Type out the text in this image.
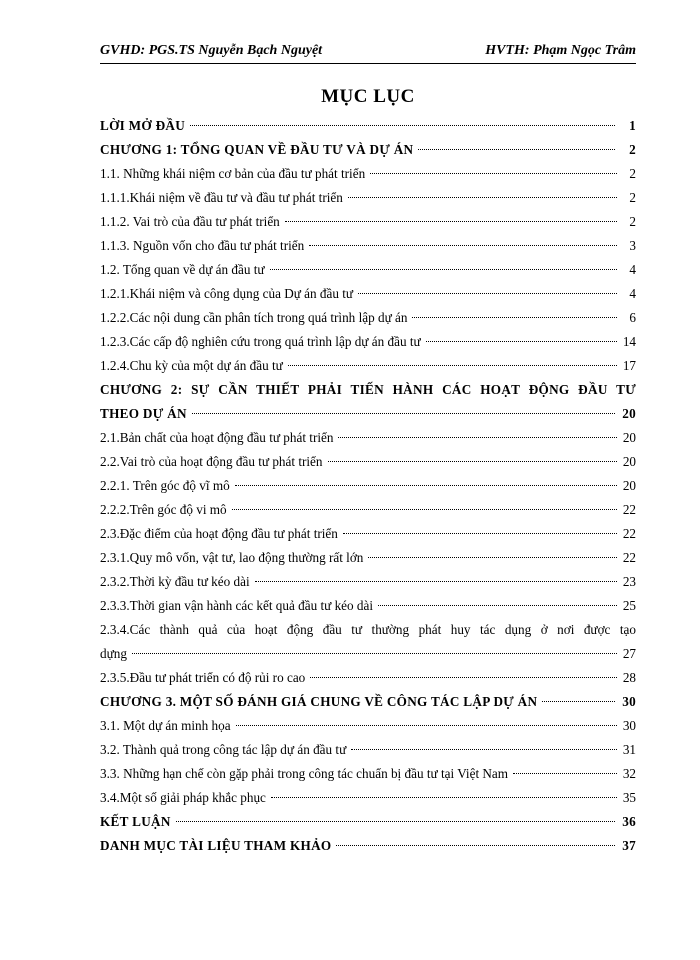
GVHD: PGS.TS Nguyễn Bạch Nguyệt	HVTH: Phạm Ngọc Trâm
MỤC LỤC
LỜI MỞ ĐẦU	1
CHƯƠNG 1: TỔNG QUAN VỀ ĐẦU TƯ VÀ DỰ ÁN	2
1.1. Những khái niệm cơ bản của đầu tư phát triển	2
1.1.1.Khái niệm về đầu tư và đầu tư phát triển	2
1.1.2. Vai trò của đầu tư phát triển	2
1.1.3. Nguồn vốn cho đầu tư phát triển	3
1.2. Tổng quan về dự án đầu tư	4
1.2.1.Khái niệm và công dụng của Dự án đầu tư	4
1.2.2.Các nội dung cần phân tích trong quá trình lập dự án	6
1.2.3.Các cấp độ nghiên cứu trong quá trình lập dự án đầu tư	14
1.2.4.Chu kỳ của một dự án đầu tư	17
CHƯƠNG 2: SỰ CẦN THIẾT PHẢI TIẾN HÀNH CÁC HOẠT ĐỘNG ĐẦU TƯ
THEO DỰ ÁN	20
2.1.Bản chất của hoạt động đầu tư phát triển	20
2.2.Vai trò của hoạt động đầu tư phát triển	20
2.2.1. Trên góc độ vĩ mô	20
2.2.2.Trên góc độ vi mô	22
2.3.Đặc điểm của hoạt động đầu tư phát triển	22
2.3.1.Quy mô vốn, vật tư, lao động thường rất lớn	22
2.3.2.Thời kỳ đầu tư kéo dài	23
2.3.3.Thời gian vận hành các kết quả đầu tư kéo dài	25
2.3.4.Các thành quả của hoạt động đầu tư thường phát huy tác dụng ở nơi được tạo
dựng	27
2.3.5.Đầu tư phát triển có độ rủi ro cao	28
CHƯƠNG 3. MỘT SỐ ĐÁNH GIÁ CHUNG VỀ CÔNG TÁC LẬP DỰ ÁN	30
3.1. Một dự án minh họa	30
3.2. Thành quả trong công tác lập dự án đầu tư	31
3.3. Những hạn chế còn gặp phải trong công tác chuẩn bị đầu tư tại Việt Nam	32
3.4.Một số giải pháp khắc phục	35
KẾT LUẬN	36
DANH MỤC TÀI LIỆU THAM KHẢO	37
